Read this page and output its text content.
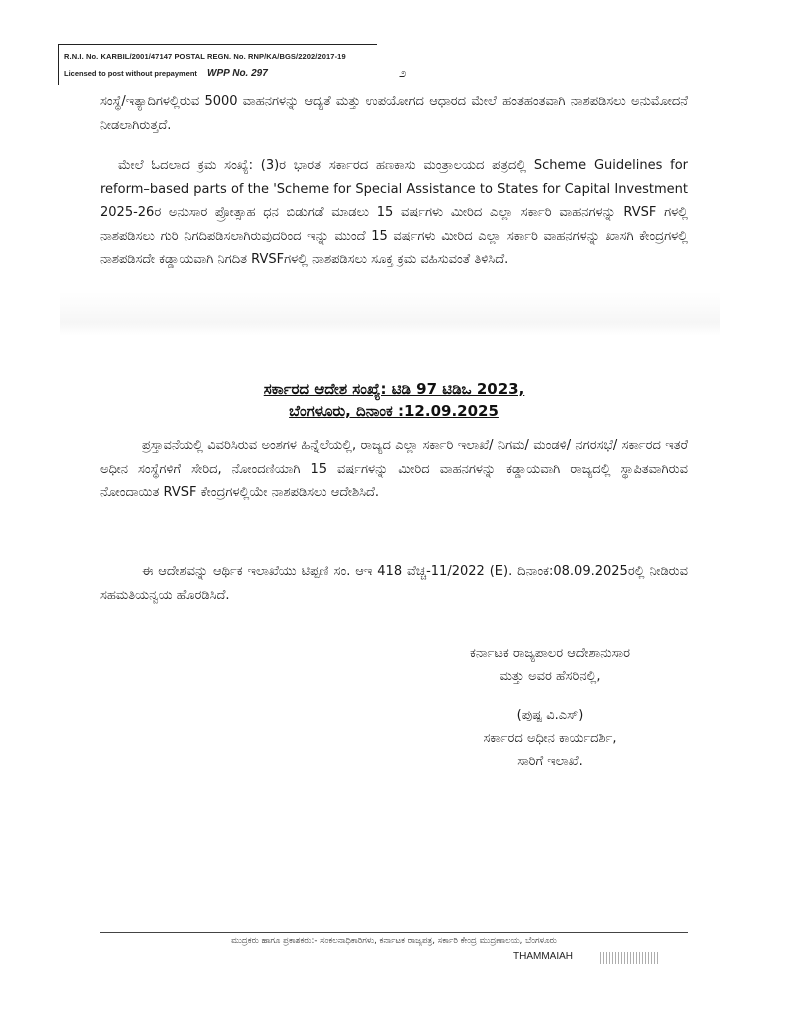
R.N.I. No. KARBIL/2001/47147 POSTAL REGN. No. RNP/KA/BGS/2202/2017-19
Licensed to post without prepayment WPP No. 297	೨
ಸಂಸ್ಥೆ/ಇತ್ಯಾದಿಗಳಲ್ಲಿರುವ 5000 ವಾಹನಗಳನ್ನು ಆದ್ಯತೆ ಮತ್ತು ಉಪಯೋಗದ ಆಧಾರದ ಮೇಲೆ ಹಂತಹಂತವಾಗಿ ನಾಶಪಡಿಸಲು ಅನುಮೋದನೆ ನೀಡಲಾಗಿರುತ್ತದೆ.
ಮೇಲೆ ಓದಲಾದ ಕ್ರಮ ಸಂಖ್ಯೆ: (3)ರ ಭಾರತ ಸರ್ಕಾರದ ಹಣಕಾಸು ಮಂತ್ರಾಲಯದ ಪತ್ರದಲ್ಲಿ Scheme Guidelines for reform–based parts of the 'Scheme for Special Assistance to States for Capital Investment 2025-26ರ ಅನುಸಾರ ಪ್ರೋತ್ಸಾಹ ಧನ ಬಿಡುಗಡೆ ಮಾಡಲು 15 ವರ್ಷಗಳು ಮೀರಿದ ಎಲ್ಲಾ ಸರ್ಕಾರಿ ವಾಹನಗಳನ್ನು RVSF ಗಳಲ್ಲಿ ನಾಶಪಡಿಸಲು ಗುರಿ ನಿಗದಿಪಡಿಸಲಾಗಿರುವುದರಿಂದ ಇನ್ನು ಮುಂದೆ 15 ವರ್ಷಗಳು ಮೀರಿದ ಎಲ್ಲಾ ಸರ್ಕಾರಿ ವಾಹನಗಳನ್ನು ಖಾಸಗಿ ಕೇಂದ್ರಗಳಲ್ಲಿ ನಾಶಪಡಿಸದೇ ಕಡ್ಡಾಯವಾಗಿ ನಿಗದಿತ RVSFಗಳಲ್ಲಿ ನಾಶಪಡಿಸಲು ಸೂಕ್ತ ಕ್ರಮ ವಹಿಸುವಂತೆ ತಿಳಿಸಿದೆ.
ಸರ್ಕಾರದ ಆದೇಶ ಸಂಖ್ಯೆ: ಟಿಡಿ 97 ಟಿಡಿಒ 2023,
ಬೆಂಗಳೂರು, ದಿನಾಂಕ :12.09.2025
ಪ್ರಸ್ತಾವನೆಯಲ್ಲಿ ವಿವರಿಸಿರುವ ಅಂಶಗಳ ಹಿನ್ನೆಲೆಯಲ್ಲಿ, ರಾಜ್ಯದ ಎಲ್ಲಾ ಸರ್ಕಾರಿ ಇಲಾಖೆ/ ನಿಗಮ/ ಮಂಡಳಿ/ ನಗರಸಭೆ/ ಸರ್ಕಾರದ ಇತರೆ ಅಧೀನ ಸಂಸ್ಥೆಗಳಿಗೆ ಸೇರಿದ, ನೋಂದಣಿಯಾಗಿ 15 ವರ್ಷಗಳನ್ನು ಮೀರಿದ ವಾಹನಗಳನ್ನು ಕಡ್ಡಾಯವಾಗಿ ರಾಜ್ಯದಲ್ಲಿ ಸ್ಥಾಪಿತವಾಗಿರುವ ನೋಂದಾಯಿತ RVSF ಕೇಂದ್ರಗಳಲ್ಲಿಯೇ ನಾಶಪಡಿಸಲು ಆದೇಶಿಸಿದೆ.
ಈ ಆದೇಶವನ್ನು ಆರ್ಥಿಕ ಇಲಾಖೆಯು ಟಿಪ್ಪಣಿ ಸಂ. ಆಇ 418 ವೆಚ್ಚ-11/2022 (E). ದಿನಾಂಕ:08.09.2025ರಲ್ಲಿ ನೀಡಿರುವ ಸಹಮತಿಯನ್ವಯ ಹೊರಡಿಸಿದೆ.
ಕರ್ನಾಟಕ ರಾಜ್ಯಪಾಲರ ಆದೇಶಾನುಸಾರ
ಮತ್ತು ಅವರ ಹೆಸರಿನಲ್ಲಿ,
(ಪುಷ್ಪ ವಿ.ಎಸ್)
ಸರ್ಕಾರದ ಅಧೀನ ಕಾರ್ಯದರ್ಶಿ,
ಸಾರಿಗೆ ಇಲಾಖೆ.
ಮುದ್ರಕರು ಹಾಗೂ ಪ್ರಕಾಶಕರು:- ಸಂಕಲನಾಧಿಕಾರಿಗಳು, ಕರ್ನಾಟಕ ರಾಜ್ಯಪತ್ರ, ಸರ್ಕಾರಿ ಕೇಂದ್ರ ಮುದ್ರಣಾಲಯ, ಬೆಂಗಳೂರು
THAMMAIAH
